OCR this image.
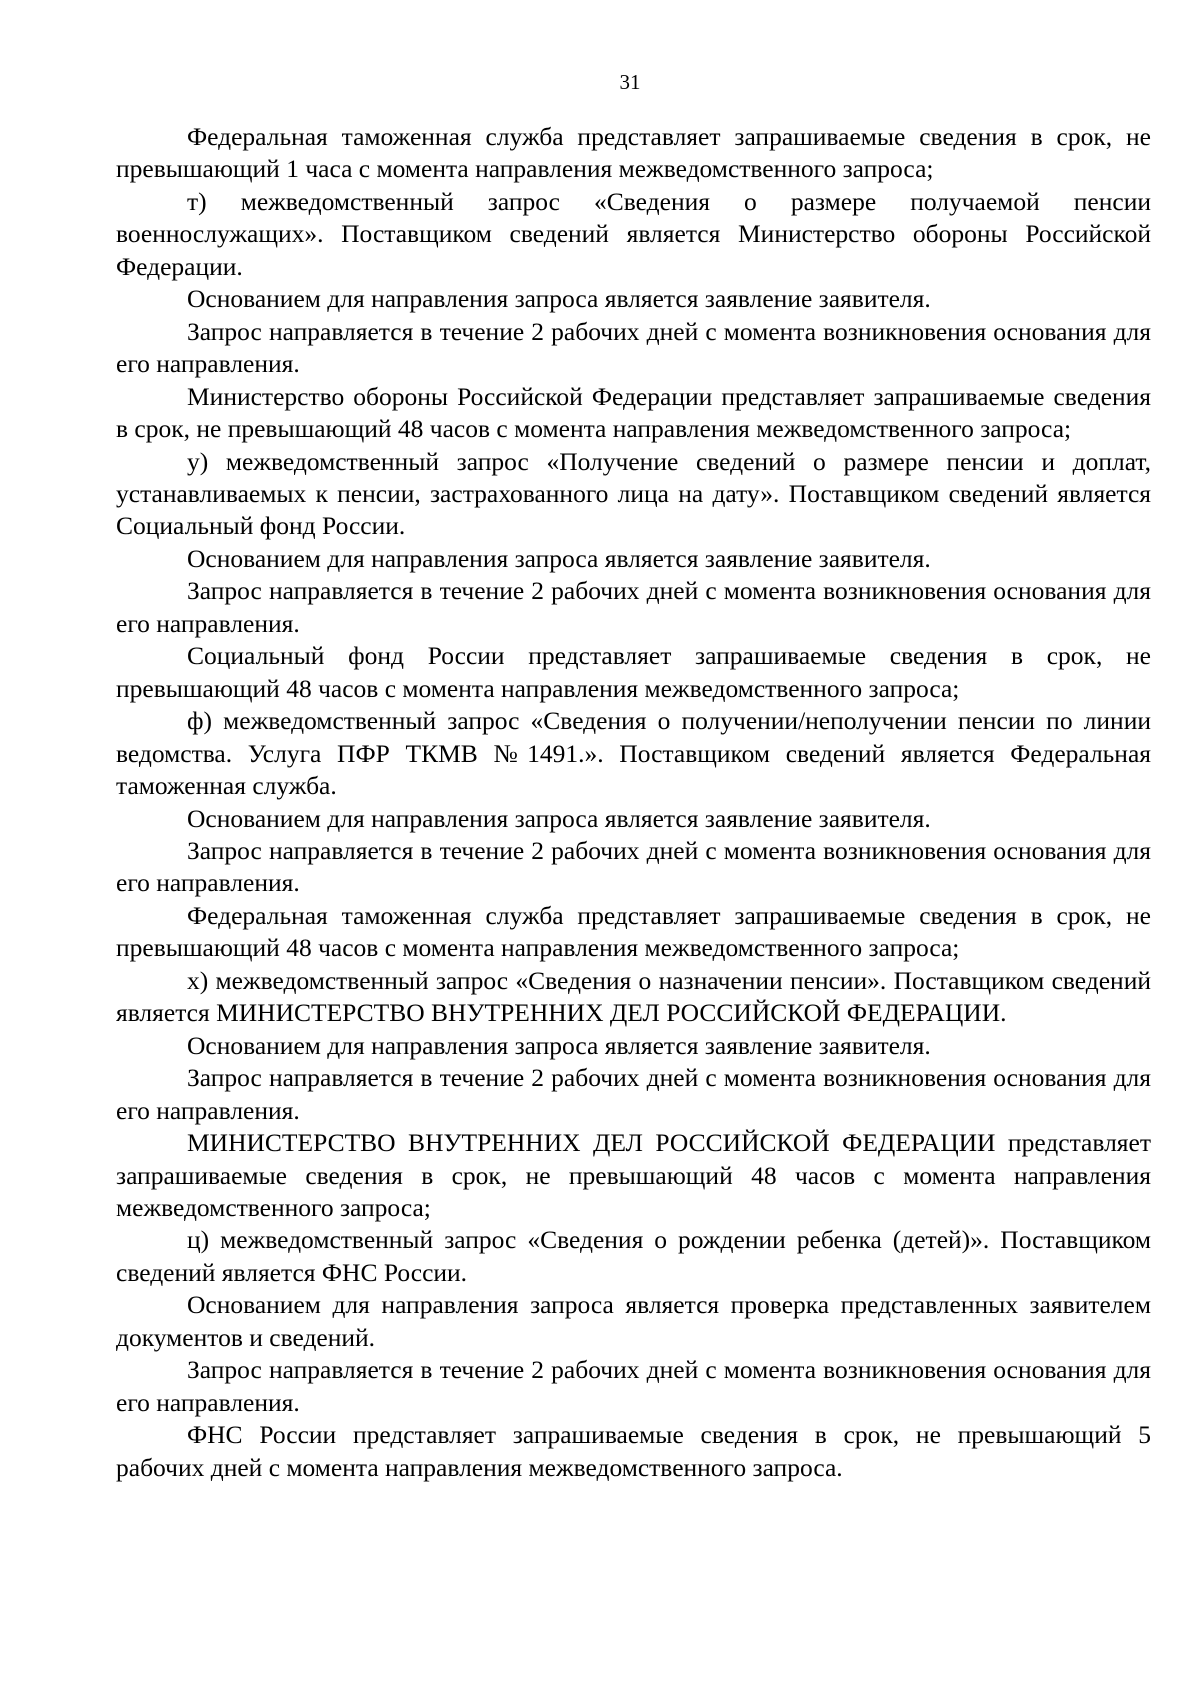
31

Федеральная таможенная служба представляет запрашиваемые сведения в срок, не превышающий 1 часа с момента направления межведомственного запроса;

т) межведомственный запрос «Сведения о размере получаемой пенсии военнослужащих». Поставщиком сведений является Министерство обороны Российской Федерации.

Основанием для направления запроса является заявление заявителя.

Запрос направляется в течение 2 рабочих дней с момента возникновения основания для его направления.

Министерство обороны Российской Федерации представляет запрашиваемые сведения в срок, не превышающий 48 часов с момента направления межведомственного запроса;

у) межведомственный запрос «Получение сведений о размере пенсии и доплат, устанавливаемых к пенсии, застрахованного лица на дату». Поставщиком сведений является Социальный фонд России.

Основанием для направления запроса является заявление заявителя.

Запрос направляется в течение 2 рабочих дней с момента возникновения основания для его направления.

Социальный фонд России представляет запрашиваемые сведения в срок, не превышающий 48 часов с момента направления межведомственного запроса;

ф) межведомственный запрос «Сведения о получении/неполучении пенсии по линии ведомства. Услуга ПФР ТКМВ №1491.». Поставщиком сведений является Федеральная таможенная служба.

Основанием для направления запроса является заявление заявителя.

Запрос направляется в течение 2 рабочих дней с момента возникновения основания для его направления.

Федеральная таможенная служба представляет запрашиваемые сведения в срок, не превышающий 48 часов с момента направления межведомственного запроса;

х) межведомственный запрос «Сведения о назначении пенсии». Поставщиком сведений является МИНИСТЕРСТВО ВНУТРЕННИХ ДЕЛ РОССИЙСКОЙ ФЕДЕРАЦИИ.

Основанием для направления запроса является заявление заявителя.

Запрос направляется в течение 2 рабочих дней с момента возникновения основания для его направления.

МИНИСТЕРСТВО ВНУТРЕННИХ ДЕЛ РОССИЙСКОЙ ФЕДЕРАЦИИ представляет запрашиваемые сведения в срок, не превышающий 48 часов с момента направления межведомственного запроса;

ц) межведомственный запрос «Сведения о рождении ребенка (детей)». Поставщиком сведений является ФНС России.

Основанием для направления запроса является проверка представленных заявителем документов и сведений.

Запрос направляется в течение 2 рабочих дней с момента возникновения основания для его направления.

ФНС России представляет запрашиваемые сведения в срок, не превышающий 5 рабочих дней с момента направления межведомственного запроса.
